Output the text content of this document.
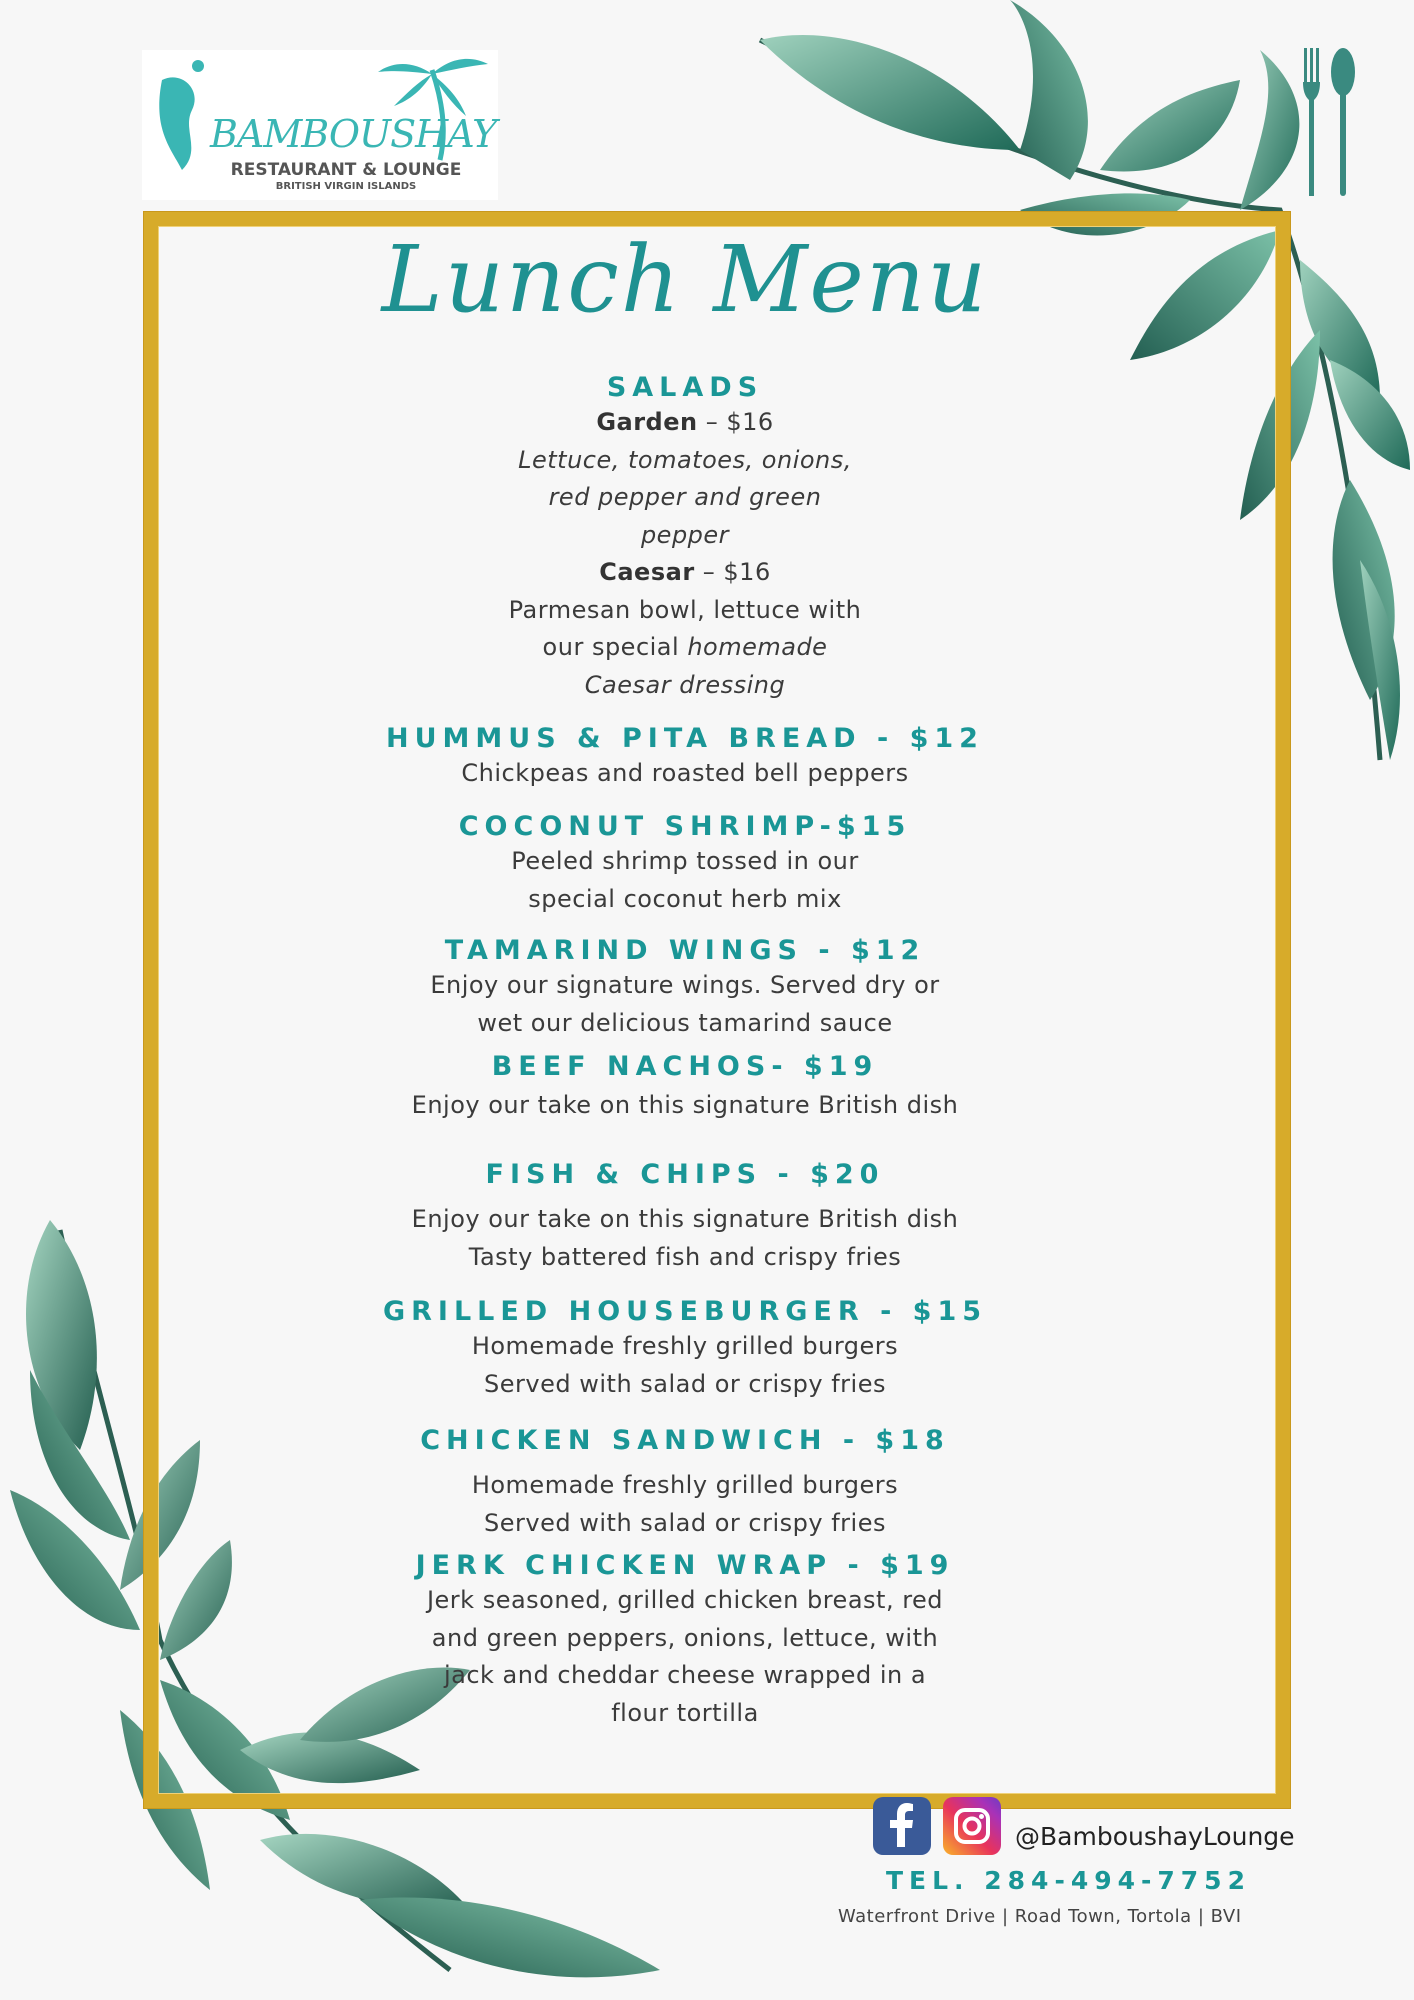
BAMBOUSHAY
RESTAURANT & LOUNGE
BRITISH VIRGIN ISLANDS
Lunch Menu
SALADS
Garden – $16
Lettuce, tomatoes, onions,
red pepper and green
pepper
Caesar – $16
Parmesan bowl, lettuce with
our special homemade
Caesar dressing
HUMMUS & PITA BREAD - $12
Chickpeas and roasted bell peppers
COCONUT SHRIMP-$15
Peeled shrimp tossed in our
special coconut herb mix
TAMARIND WINGS - $12
Enjoy our signature wings. Served dry or
wet our delicious tamarind sauce
BEEF NACHOS- $19
Enjoy our take on this signature British dish
FISH & CHIPS - $20
Enjoy our take on this signature British dish
Tasty battered fish and crispy fries
GRILLED HOUSEBURGER - $15
Homemade freshly grilled burgers
Served with salad or crispy fries
CHICKEN SANDWICH - $18
Homemade freshly grilled burgers
Served with salad or crispy fries
JERK CHICKEN WRAP - $19
Jerk seasoned, grilled chicken breast, red
and green peppers, onions, lettuce, with
jack and cheddar cheese wrapped in a
flour tortilla
@BamboushayLounge
TEL. 284-494-7752
Waterfront Drive | Road Town, Tortola | BVI
